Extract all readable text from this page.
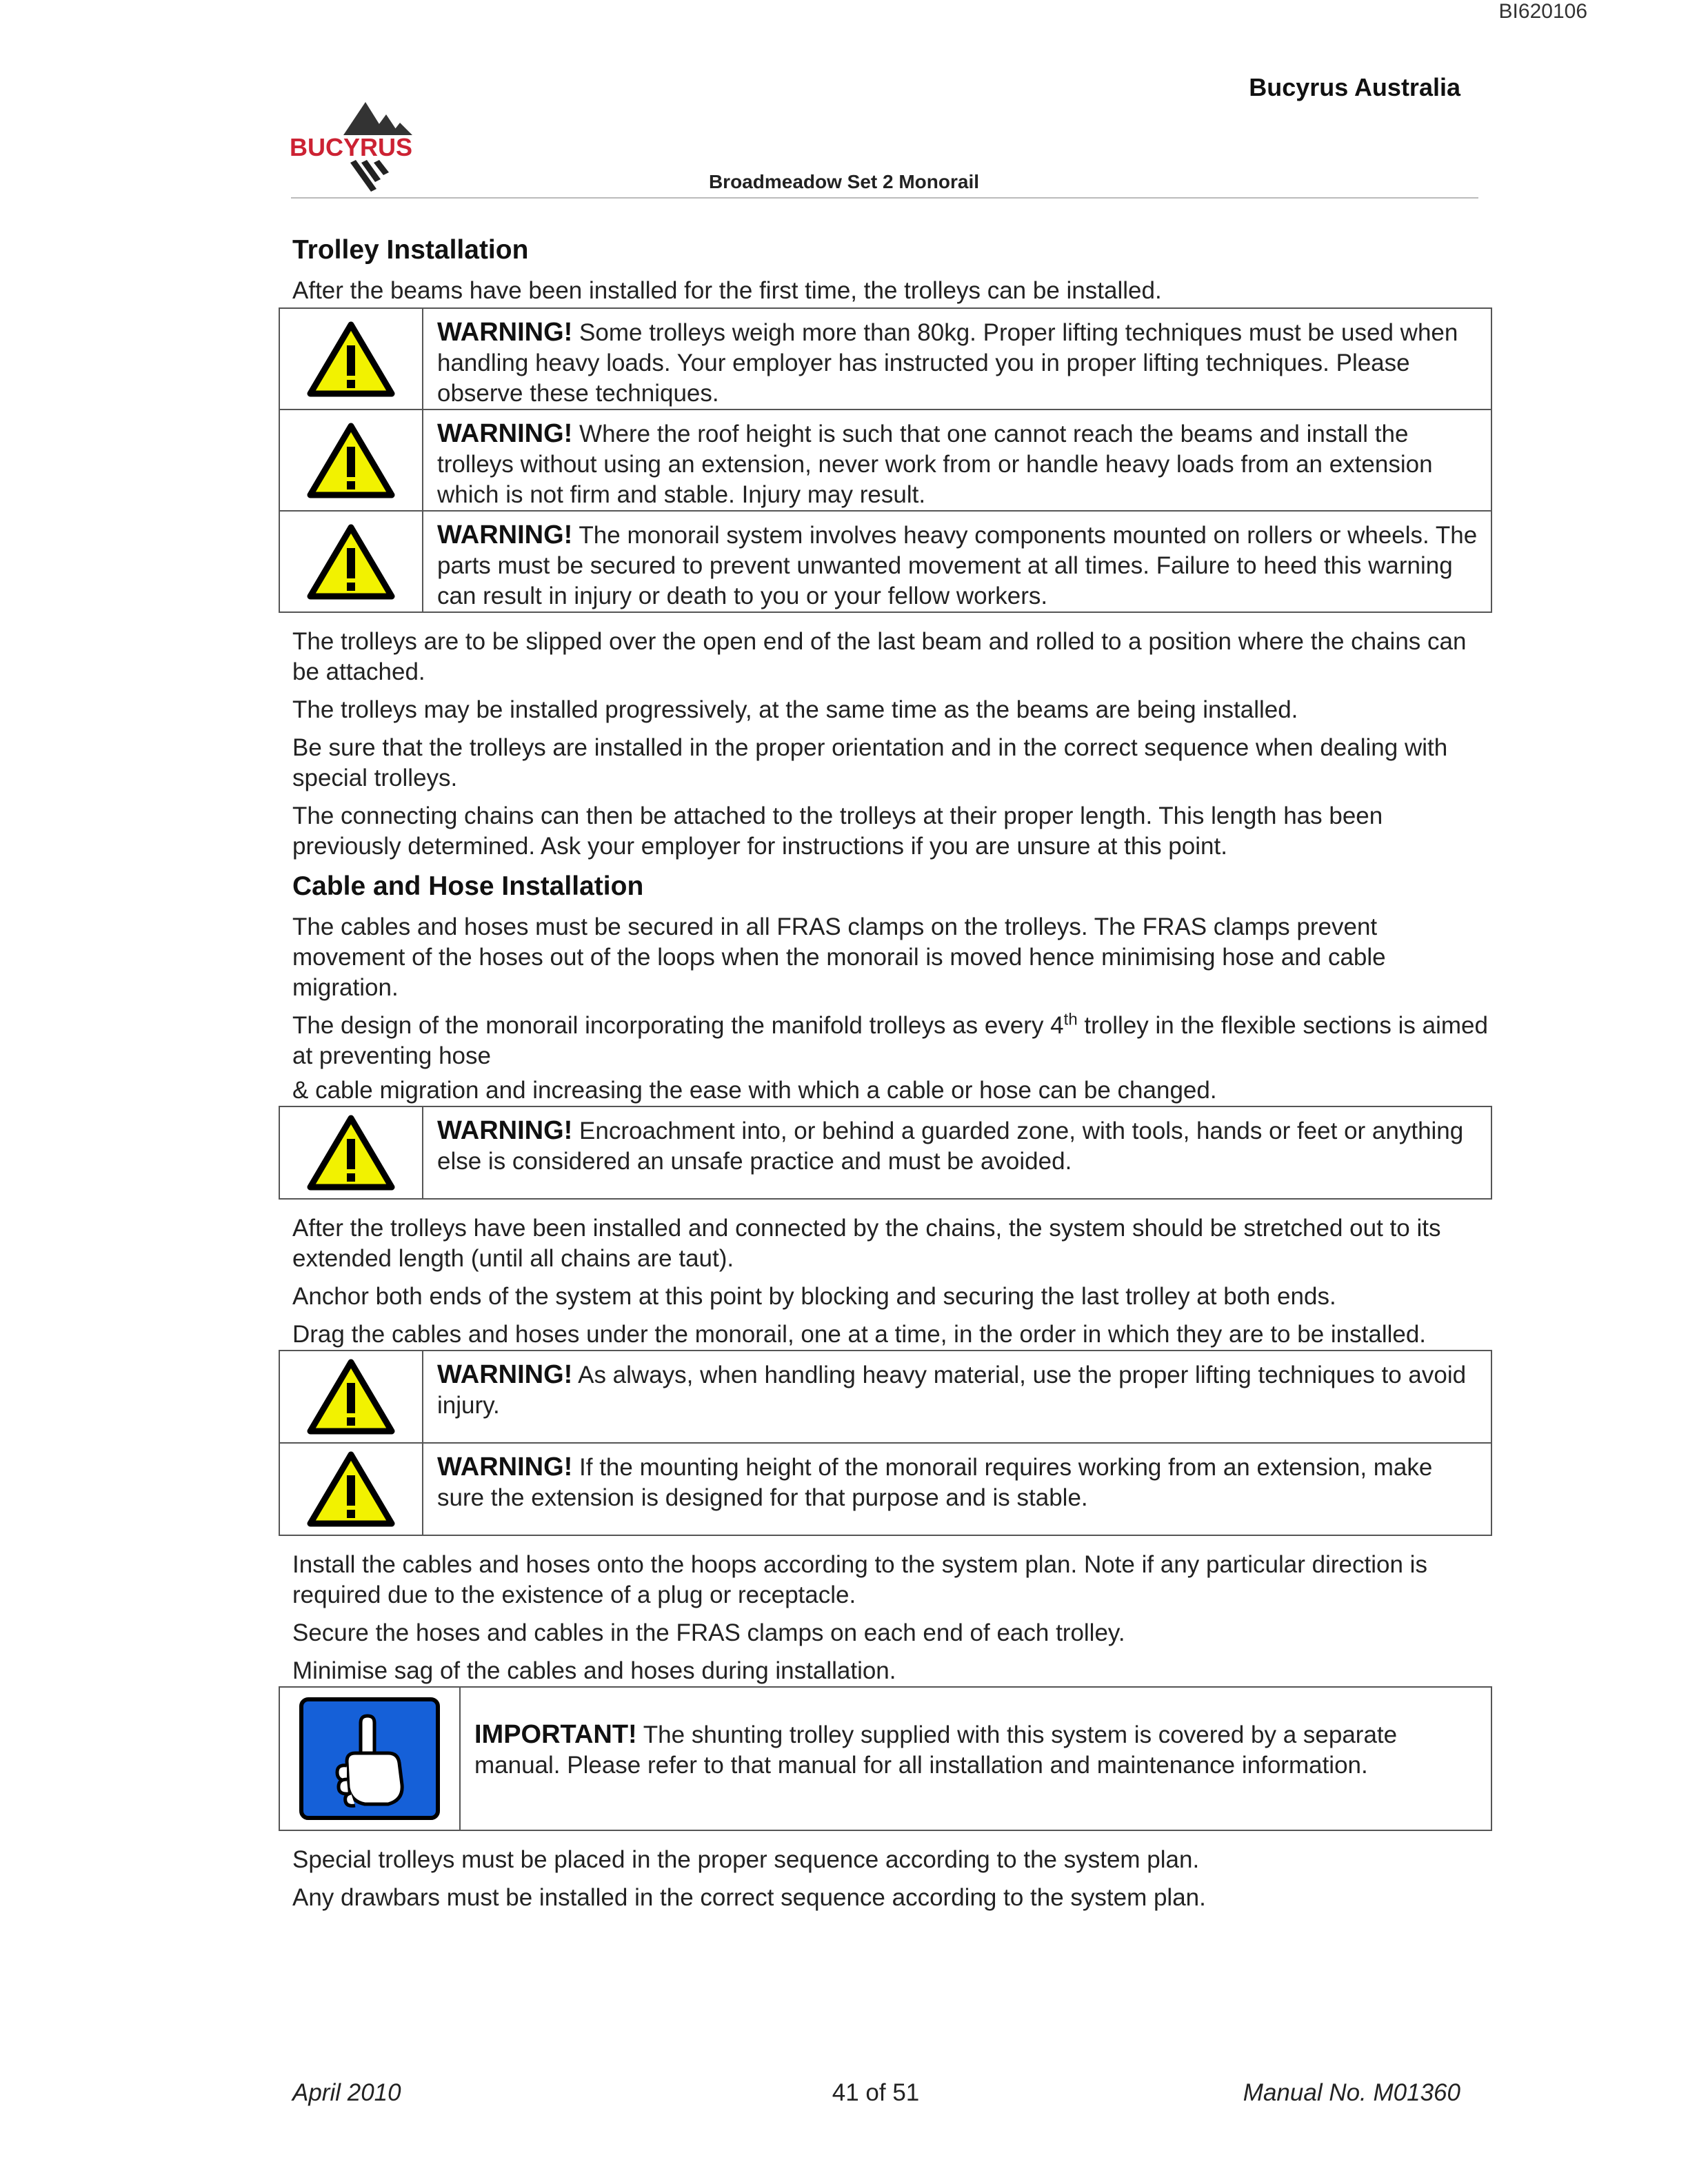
BI620106
Bucyrus Australia
BUCYRUS
Broadmeadow Set 2 Monorail
Trolley Installation

After the beams have been installed for the first time, the trolleys can be installed.

WARNING! Some trolleys weigh more than 80kg. Proper lifting techniques must be used when handling heavy loads. Your employer has instructed you in proper lifting techniques. Please observe these techniques.
WARNING! Where the roof height is such that one cannot reach the beams and install the trolleys without using an extension, never work from or handle heavy loads from an extension which is not firm and stable. Injury may result.
WARNING! The monorail system involves heavy components mounted on rollers or wheels. The parts must be secured to prevent unwanted movement at all times. Failure to heed this warning can result in injury or death to you or your fellow workers.

The trolleys are to be slipped over the open end of the last beam and rolled to a position where the chains can be attached.

The trolleys may be installed progressively, at the same time as the beams are being installed.

Be sure that the trolleys are installed in the proper orientation and in the correct sequence when dealing with special trolleys.

The connecting chains can then be attached to the trolleys at their proper length. This length has been previously determined. Ask your employer for instructions if you are unsure at this point.

Cable and Hose Installation

The cables and hoses must be secured in all FRAS clamps on the trolleys. The FRAS clamps prevent movement of the hoses out of the loops when the monorail is moved hence minimising hose and cable migration.

The design of the monorail incorporating the manifold trolleys as every 4th trolley in the flexible sections is aimed at preventing hose

& cable migration and increasing the ease with which a cable or hose can be changed.

WARNING! Encroachment into, or behind a guarded zone, with tools, hands or feet or anything else is considered an unsafe practice and must be avoided.

After the trolleys have been installed and connected by the chains, the system should be stretched out to its extended length (until all chains are taut).

Anchor both ends of the system at this point by blocking and securing the last trolley at both ends.

Drag the cables and hoses under the monorail, one at a time, in the order in which they are to be installed.

WARNING! As always, when handling heavy material, use the proper lifting techniques to avoid injury.
WARNING! If the mounting height of the monorail requires working from an extension, make sure the extension is designed for that purpose and is stable.

Install the cables and hoses onto the hoops according to the system plan. Note if any particular direction is required due to the existence of a plug or receptacle.

Secure the hoses and cables in the FRAS clamps on each end of each trolley.

Minimise sag of the cables and hoses during installation.

IMPORTANT! The shunting trolley supplied with this system is covered by a separate manual. Please refer to that manual for all installation and maintenance information.

Special trolleys must be placed in the proper sequence according to the system plan.

Any drawbars must be installed in the correct sequence according to the system plan.

April 2010	41 of 51	Manual No. M01360
